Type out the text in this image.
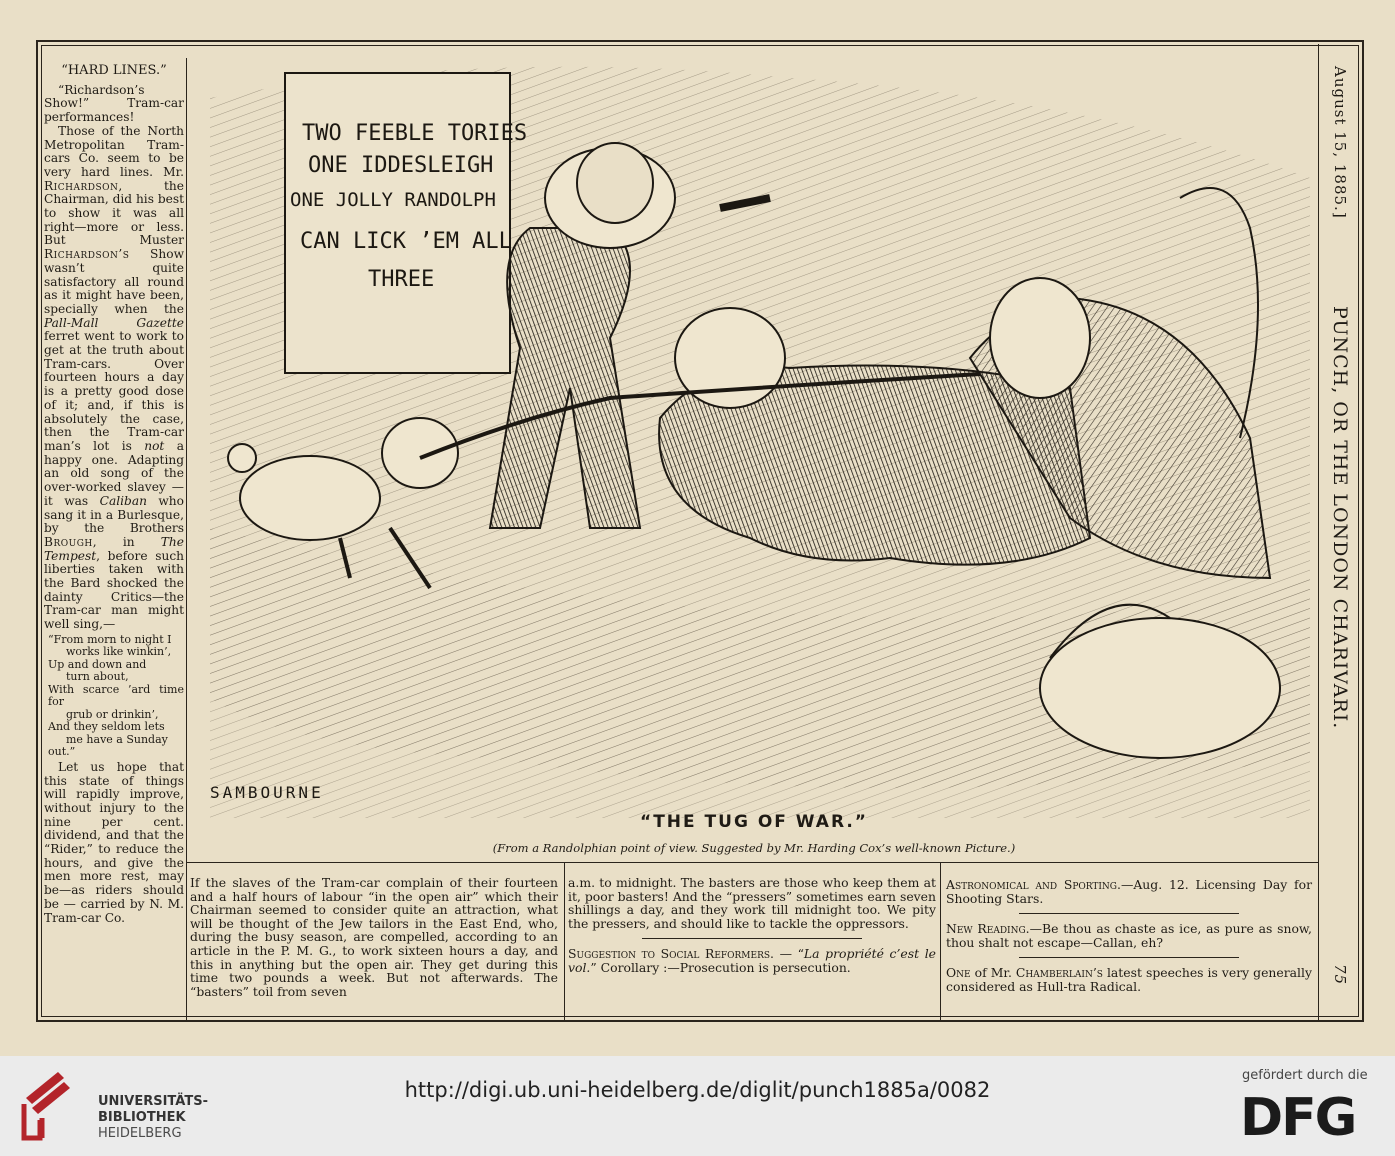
“HARD LINES.”

“Richardson’s Show!” Tram-car performances!

Those of the North Metropolitan Tram-cars Co. seem to be very hard lines. Mr. Richardson, the Chairman, did his best to show it was all right—more or less. But Muster Richardson’s Show wasn’t quite satisfactory all round as it might have been, specially when the Pall-Mall Gazette ferret went to work to get at the truth about Tram-cars. Over fourteen hours a day is a pretty good dose of it; and, if this is absolutely the case, then the Tram-car man’s lot is not a happy one. Adapting an old song of the over-worked slavey — it was Caliban who sang it in a Burlesque, by the Brothers Brough, in The Tempest, before such liberties taken with the Bard shocked the dainty Critics—the Tram-car man might well sing,—

“From morn to night I
works like winkin’,
Up and down and
turn about,
With scarce ’ard time for
grub or drinkin’,
And they seldom lets
me have a Sunday
out.”

Let us hope that this state of things will rapidly improve, without injury to the nine per cent. dividend, and that the “Rider,” to reduce the hours, and give the men more rest, may be—as riders should be — carried by N. M. Tram-car Co.

TWO FEEBLE TORIES
ONE IDDESLEIGH
ONE JOLLY RANDOLPH
CAN LICK ’EM ALL
THREE
SAMBOURNE
“THE TUG OF WAR.”
(From a Randolphian point of view. Suggested by Mr. Harding Cox’s well-known Picture.)

If the slaves of the Tram-car complain of their fourteen and a half hours of labour “in the open air” which their Chairman seemed to consider quite an attraction, what will be thought of the Jew tailors in the East End, who, during the busy season, are compelled, according to an article in the P. M. G., to work sixteen hours a day, and this in anything but the open air. They get during this time two pounds a week. But not afterwards. The “basters” toil from seven

a.m. to midnight. The basters are those who keep them at it, poor basters! And the “pressers” sometimes earn seven shillings a day, and they work till midnight too. We pity the pressers, and should like to tackle the oppressors.

Suggestion to Social Reformers. — “La propriété c’est le vol.” Corollary :—Prosecution is persecution.

Astronomical and Sporting.—Aug. 12. Licensing Day for Shooting Stars.

New Reading.—Be thou as chaste as ice, as pure as snow, thou shalt not escape—Callan, eh?

One of Mr. Chamberlain’s latest speeches is very generally considered as Hull-tra Radical.

August 15, 1885.]
PUNCH, OR THE LONDON CHARIVARI.
75
UNIVERSITÄTS-
BIBLIOTHEK
HEIDELBERG
http://digi.ub.uni-heidelberg.de/diglit/punch1885a/0082
gefördert durch die
DFG
